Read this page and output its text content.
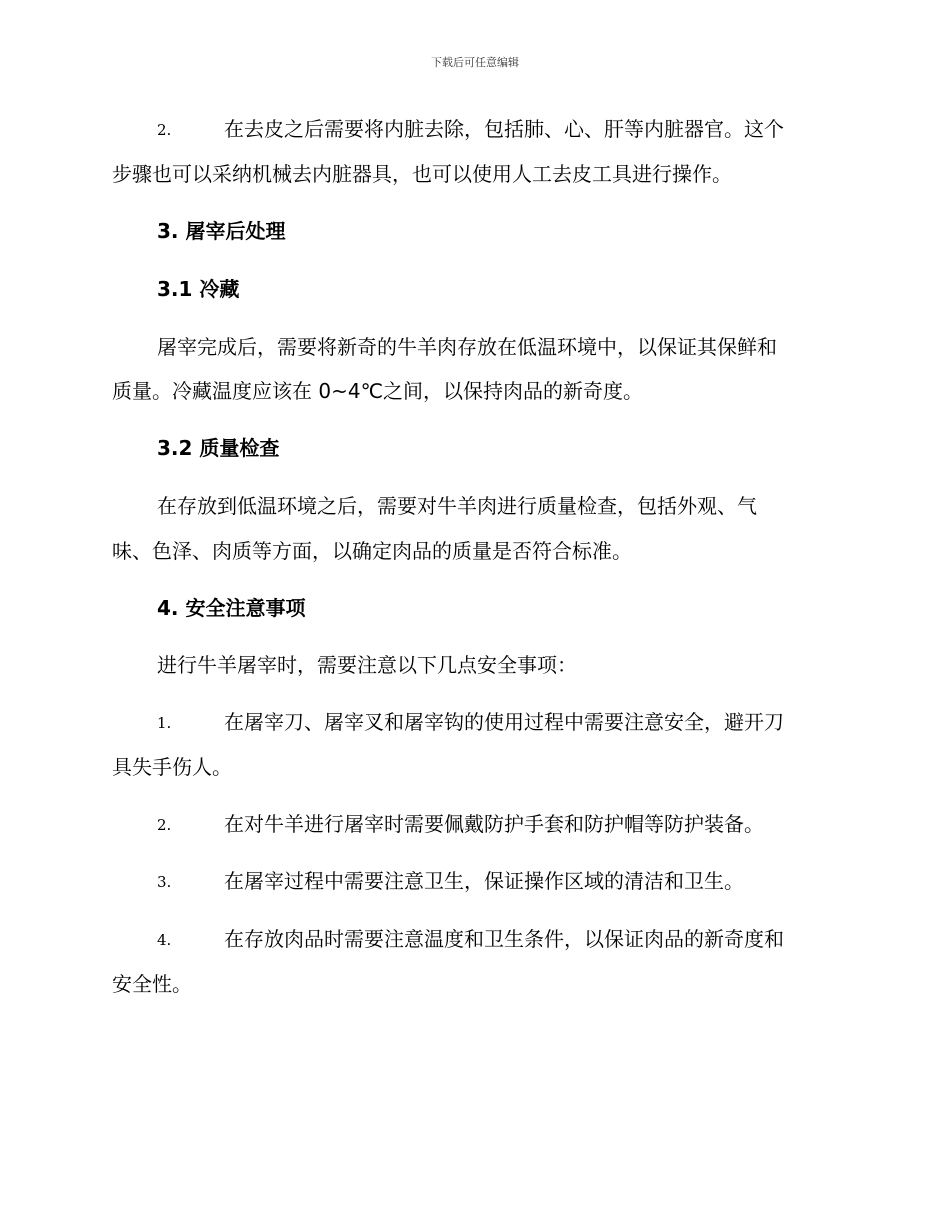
下载后可任意编辑
2.	在去皮之后需要将内脏去除，包括肺、心、肝等内脏器官。这个
步骤也可以采纳机械去内脏器具，也可以使用人工去皮工具进行操作。
3. 屠宰后处理
3.1 冷藏
屠宰完成后，需要将新奇的牛羊肉存放在低温环境中，以保证其保鲜和
质量。冷藏温度应该在 0~4℃之间，以保持肉品的新奇度。
3.2 质量检查
在存放到低温环境之后，需要对牛羊肉进行质量检查，包括外观、气
味、色泽、肉质等方面，以确定肉品的质量是否符合标准。
4. 安全注意事项
进行牛羊屠宰时，需要注意以下几点安全事项：
1.	在屠宰刀、屠宰叉和屠宰钩的使用过程中需要注意安全，避开刀
具失手伤人。
2.	在对牛羊进行屠宰时需要佩戴防护手套和防护帽等防护装备。
3.	在屠宰过程中需要注意卫生，保证操作区域的清洁和卫生。
4.	在存放肉品时需要注意温度和卫生条件，以保证肉品的新奇度和
安全性。
